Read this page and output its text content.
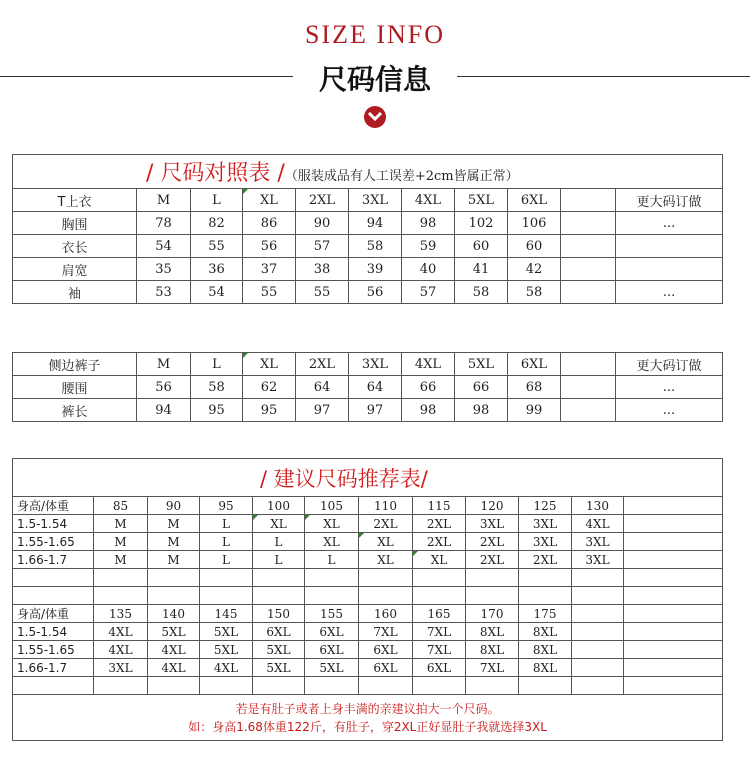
SIZE INFO
尺码信息
/ 尺码对照表 /（服装成品有人工误差+2cm皆属正常）										
T上衣	M	L	XL	2XL	3XL	4XL	5XL	6XL		更大码订做
胸围	78	82	86	90	94	98	102	106		...
衣长	54	55	56	57	58	59	60	60		
肩宽	35	36	37	38	39	40	41	42		
袖	53	54	55	55	56	57	58	58		...
侧边裤子	M	L	XL	2XL	3XL	4XL	5XL	6XL		更大码订做
腰围	56	58	62	64	64	66	66	68		...
裤长	94	95	95	97	97	98	98	99		...
/ 建议尺码推荐表/											
身高/体重	85	90	95	100	105	110	115	120	125	130	
1.5-1.54	M	M	L	XL	XL	2XL	2XL	3XL	3XL	4XL	
1.55-1.65	M	M	L	L	XL	XL	2XL	2XL	3XL	3XL	
1.66-1.7	M	M	L	L	L	XL	XL	2XL	2XL	3XL	

身高/体重	135	140	145	150	155	160	165	170	175		
1.5-1.54	4XL	5XL	5XL	6XL	6XL	7XL	7XL	8XL	8XL		
1.55-1.65	4XL	4XL	5XL	5XL	6XL	6XL	7XL	8XL	8XL		
1.66-1.7	3XL	4XL	4XL	5XL	5XL	6XL	6XL	7XL	8XL		

若是有肚子或者上身丰满的亲建议拍大一个尺码。
如：身高1.68体重122斤，有肚子，穿2XL正好显肚子我就选择3XL											
